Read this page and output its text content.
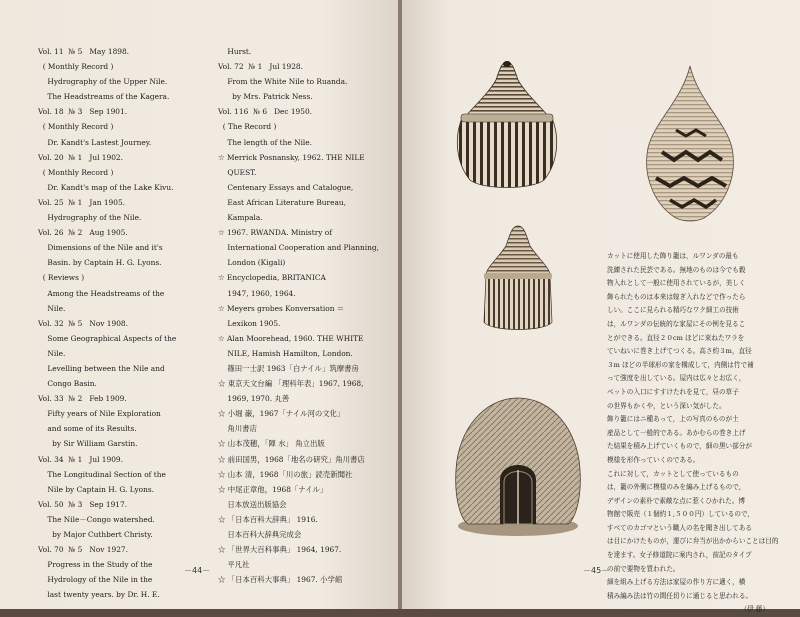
Vol. 11  № 5   May 1898.
( Monthly Record )
Hydrography of the Upper Nile.
The Headstreams of the Kagera.
Vol. 18  № 3   Sep 1901.
( Monthly Record )
Dr. Kandt's Lastest Journey.
Vol. 20  № 1   Jul 1902.
( Monthly Record )
Dr. Kandt's map of the Lake Kivu.
Vol. 25  № 1   Jan 1905.
Hydrography of the Nile.
Vol. 26  № 2   Aug 1905.
Dimensions of the Nile and it's
Basin. by Captain H. G. Lyons.
( Reviews )
Among the Headstreams of the
Nile.
Vol. 32  № 5   Nov 1908.
Some Geographical Aspects of the
Nile.
Levelling between the Nile and
Congo Basin.
Vol. 33  № 2   Feb 1909.
Fifty years of Nile Exploration
and some of its Results.
by Sir William Garstin.
Vol. 34  № 1   Jul 1909.
The Longitudinal Section of the
Nile by Captain H. G. Lyons.
Vol. 50  № 3   Sep 1917.
The Nile－Congo watershed.
by Major Cuthbert Christy.
Vol. 70  № 5   Nov 1927.
Progress in the Study of the
Hydrology of the Nile in the
last twenty years. by Dr. H. E.
Hurst.
Vol. 72  № 1   Jul 1928.
From the White Nile to Ruanda.
by Mrs. Patrick Ness.
Vol. 116  № 6   Dec 1950.
( The Record )
The length of the Nile.
☆ Merrick Posnansky, 1962. THE NILE
QUEST.
Centenary Essays and Catalogue,
East African Literature Bureau,
Kampala.
☆ 1967. RWANDA. Ministry of
International Cooperation and Planning,
London (Kigali)
☆ Encyclopedia, BRITANICA
1947, 1960, 1964.
☆ Meyers grobes Konversation ＝
Lexikon 1905.
☆ Alan Moorehead, 1960. THE WHITE
NILE, Hamish Hamilton, London.
篠田一士訳 1963「白ナイル」筑摩書房
☆ 東京天文台編 「理科年表」1967, 1968,
1969, 1970. 丸善
☆ 小堀 巌，1967「ナイル河の文化」
角川書店
☆ 山本茂穂，「陣 水」 角立出版
☆ 前田国男，1968「地名の研究」角川書店
☆ 山本 清，1968「川の旅」読売新聞社
☆ 中尾正章他，1968「ナイル」
日本放送出版協会
☆ 「日本百科大辞典」 1916.
日本百科大辞典完成会
☆ 「世界大百科事典」 1964, 1967.
平凡社
☆ 「日本百科大事典」 1967. 小学館
－44－	－45－
カットに使用した飾り籠は，ルワンダの最も
洗練された民芸である。無地のものは今でも穀
物入れとして一般に使用されているが，美しく
飾られたものは本来は嫁ぎ入れなどで作ったら
しい。ここに見られる精巧なワク細工の技術
は，ルワンダの伝統的な家屋にその例を見るこ
とができる。直径２０cm ほどに束ねたワラを
ていねいに巻き上げてつくる。高さ約３m，直径
３m ほどの半球形の家を構成して，内側は竹で補
って強度を出している。屋内は広々とお広く，
ベットの入口にすすけたれを見て，昼の草子
の世界もかくや，という深い気がした。
飾り籠にはニ種あって，上の写真のものが土
産品として一般的である。あかむらの巻き上げ
た結果を積み上げていくもので，細の黒い部分が
模様を形作っていくのである。
これに対して，カットとして使っているもの
は，籠の外側に模様のみを編み上げるもので，
デザインの素朴で素敵な点に惹くひかれた。博
物館で販売（１個約１,５００円）しているので，
すべてのカゴマという職人の名を聞き出してある
は目にかけたものが，運びに弁当が出かからいことは目的
を達ます。女子修道院に案内され，前記のタイプ
の前で要物を買われた。
細を組み上げる方法は家屋の作り方に適く，横
積み編み法は竹の間任切りに通じると思われる。
（伊 藤）
